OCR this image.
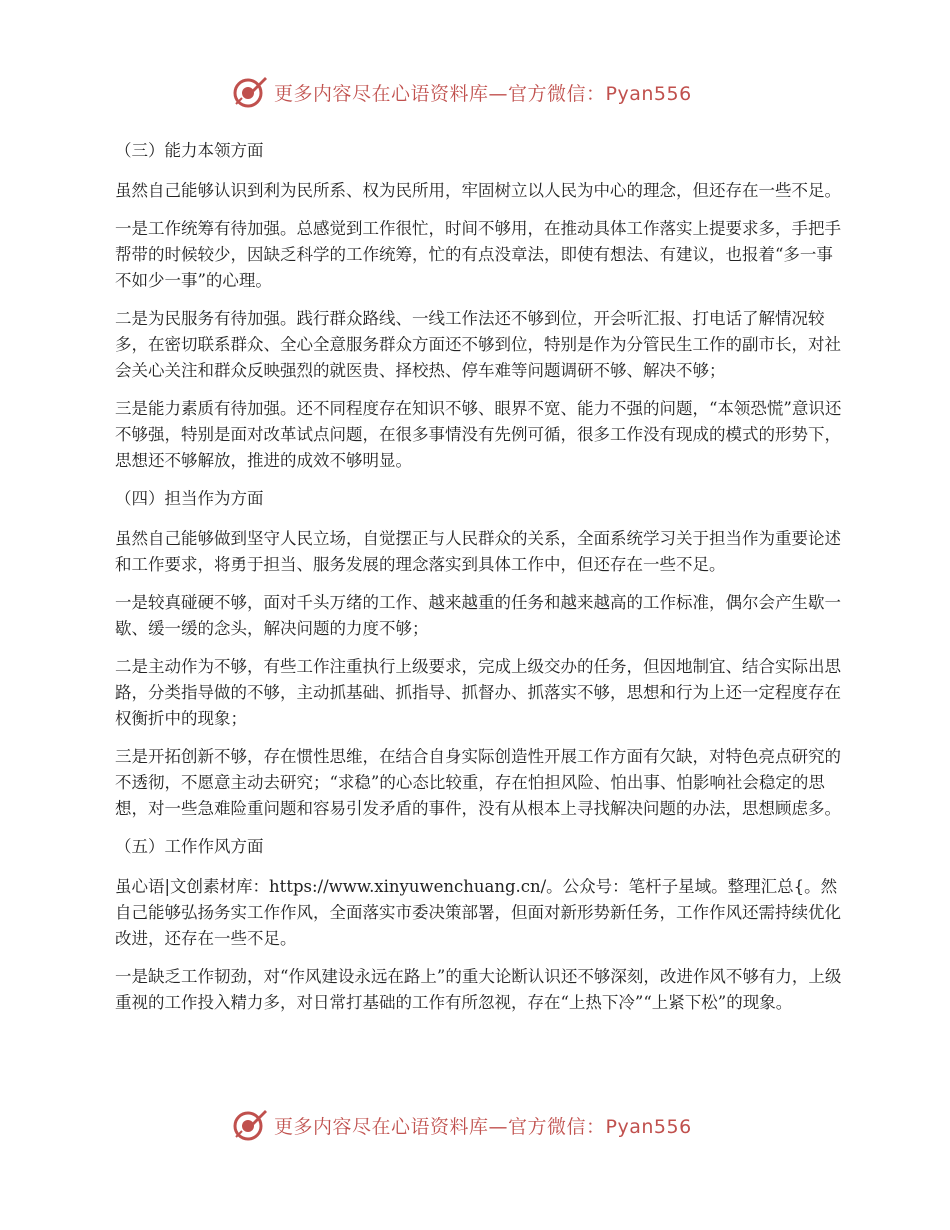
更多内容尽在心语资料库—官方微信：Pyan556

（三）能力本领方面

虽然自己能够认识到利为民所系、权为民所用，牢固树立以人民为中心的理念，但还存在一些不足。

一是工作统筹有待加强。总感觉到工作很忙，时间不够用，在推动具体工作落实上提要求多，手把手帮带的时候较少，因缺乏科学的工作统筹，忙的有点没章法，即使有想法、有建议，也报着“多一事不如少一事”的心理。

二是为民服务有待加强。践行群众路线、一线工作法还不够到位，开会听汇报、打电话了解情况较多，在密切联系群众、全心全意服务群众方面还不够到位，特别是作为分管民生工作的副市长，对社会关心关注和群众反映强烈的就医贵、择校热、停车难等问题调研不够、解决不够；

三是能力素质有待加强。还不同程度存在知识不够、眼界不宽、能力不强的问题，“本领恐慌”意识还不够强，特别是面对改革试点问题，在很多事情没有先例可循，很多工作没有现成的模式的形势下，思想还不够解放，推进的成效不够明显。

（四）担当作为方面

虽然自己能够做到坚守人民立场，自觉摆正与人民群众的关系，全面系统学习关于担当作为重要论述和工作要求，将勇于担当、服务发展的理念落实到具体工作中，但还存在一些不足。

一是较真碰硬不够，面对千头万绪的工作、越来越重的任务和越来越高的工作标准，偶尔会产生歇一歇、缓一缓的念头，解决问题的力度不够；

二是主动作为不够，有些工作注重执行上级要求，完成上级交办的任务，但因地制宜、结合实际出思路，分类指导做的不够，主动抓基础、抓指导、抓督办、抓落实不够，思想和行为上还一定程度存在权衡折中的现象；

三是开拓创新不够，存在惯性思维，在结合自身实际创造性开展工作方面有欠缺，对特色亮点研究的不透彻，不愿意主动去研究；“求稳”的心态比较重，存在怕担风险、怕出事、怕影响社会稳定的思想，对一些急难险重问题和容易引发矛盾的事件，没有从根本上寻找解决问题的办法，思想顾虑多。

（五）工作作风方面

虽心语|文创素材库：https://www.xinyuwenchuang.cn/。公众号：笔杆子星域。整理汇总{。然自己能够弘扬务实工作作风，全面落实市委决策部署，但面对新形势新任务，工作作风还需持续优化改进，还存在一些不足。

一是缺乏工作韧劲，对“作风建设永远在路上”的重大论断认识还不够深刻，改进作风不够有力，上级重视的工作投入精力多，对日常打基础的工作有所忽视，存在“上热下冷”“上紧下松”的现象。

更多内容尽在心语资料库—官方微信：Pyan556
